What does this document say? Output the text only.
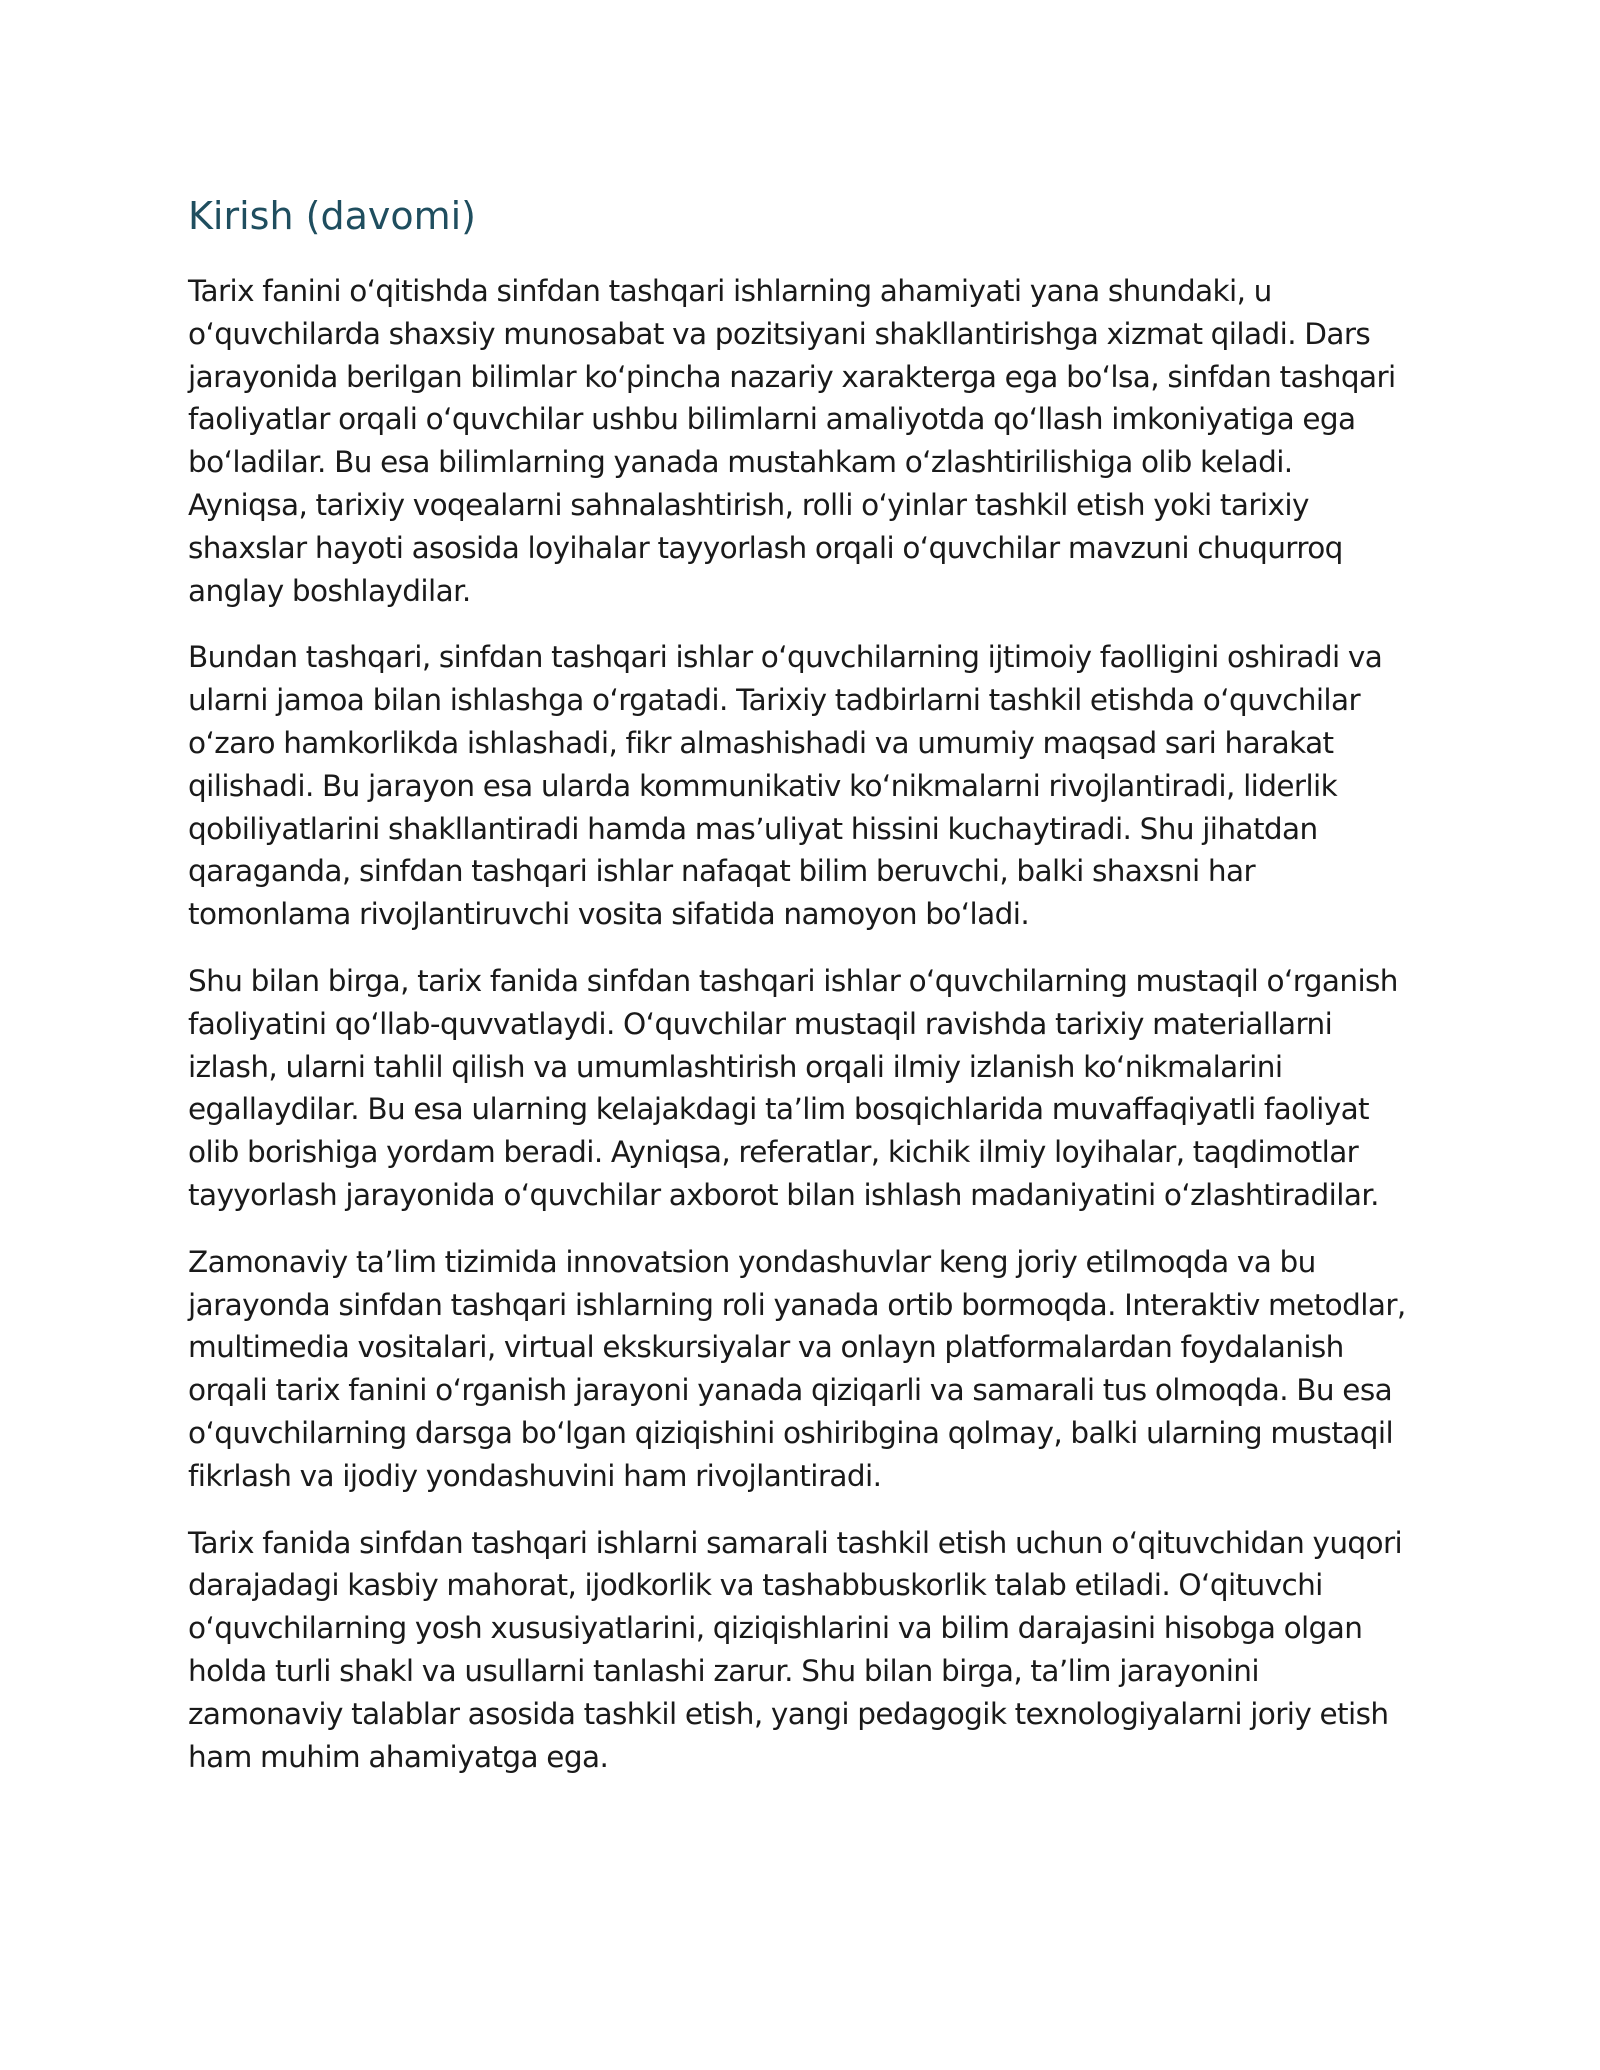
Kirish (davomi)

Tarix fanini oʻqitishda sinfdan tashqari ishlarning ahamiyati yana shundaki, u oʻquvchilarda shaxsiy munosabat va pozitsiyani shakllantirishga xizmat qiladi. Dars jarayonida berilgan bilimlar koʻpincha nazariy xarakterga ega boʻlsa, sinfdan tashqari faoliyatlar orqali oʻquvchilar ushbu bilimlarni amaliyotda qoʻllash imkoniyatiga ega boʻladilar. Bu esa bilimlarning yanada mustahkam oʻzlashtirilishiga olib keladi. Ayniqsa, tarixiy voqealarni sahnalashtirish, rolli oʻyinlar tashkil etish yoki tarixiy shaxslar hayoti asosida loyihalar tayyorlash orqali oʻquvchilar mavzuni chuqurroq anglay boshlaydilar.

Bundan tashqari, sinfdan tashqari ishlar oʻquvchilarning ijtimoiy faolligini oshiradi va ularni jamoa bilan ishlashga oʻrgatadi. Tarixiy tadbirlarni tashkil etishda oʻquvchilar oʻzaro hamkorlikda ishlashadi, fikr almashishadi va umumiy maqsad sari harakat qilishadi. Bu jarayon esa ularda kommunikativ koʻnikmalarni rivojlantiradi, liderlik qobiliyatlarini shakllantiradi hamda masʼuliyat hissini kuchaytiradi. Shu jihatdan qaraganda, sinfdan tashqari ishlar nafaqat bilim beruvchi, balki shaxsni har tomonlama rivojlantiruvchi vosita sifatida namoyon boʻladi.

Shu bilan birga, tarix fanida sinfdan tashqari ishlar oʻquvchilarning mustaqil oʻrganish faoliyatini qoʻllab-quvvatlaydi. Oʻquvchilar mustaqil ravishda tarixiy materiallarni izlash, ularni tahlil qilish va umumlashtirish orqali ilmiy izlanish koʻnikmalarini egallaydilar. Bu esa ularning kelajakdagi taʼlim bosqichlarida muvaffaqiyatli faoliyat olib borishiga yordam beradi. Ayniqsa, referatlar, kichik ilmiy loyihalar, taqdimotlar tayyorlash jarayonida oʻquvchilar axborot bilan ishlash madaniyatini oʻzlashtiradilar.

Zamonaviy taʼlim tizimida innovatsion yondashuvlar keng joriy etilmoqda va bu jarayonda sinfdan tashqari ishlarning roli yanada ortib bormoqda. Interaktiv metodlar, multimedia vositalari, virtual ekskursiyalar va onlayn platformalardan foydalanish orqali tarix fanini oʻrganish jarayoni yanada qiziqarli va samarali tus olmoqda. Bu esa oʻquvchilarning darsga boʻlgan qiziqishini oshiribgina qolmay, balki ularning mustaqil fikrlash va ijodiy yondashuvini ham rivojlantiradi.

Tarix fanida sinfdan tashqari ishlarni samarali tashkil etish uchun oʻqituvchidan yuqori darajadagi kasbiy mahorat, ijodkorlik va tashabbuskorlik talab etiladi. Oʻqituvchi oʻquvchilarning yosh xususiyatlarini, qiziqishlarini va bilim darajasini hisobga olgan holda turli shakl va usullarni tanlashi zarur. Shu bilan birga, taʼlim jarayonini zamonaviy talablar asosida tashkil etish, yangi pedagogik texnologiyalarni joriy etish ham muhim ahamiyatga ega.
